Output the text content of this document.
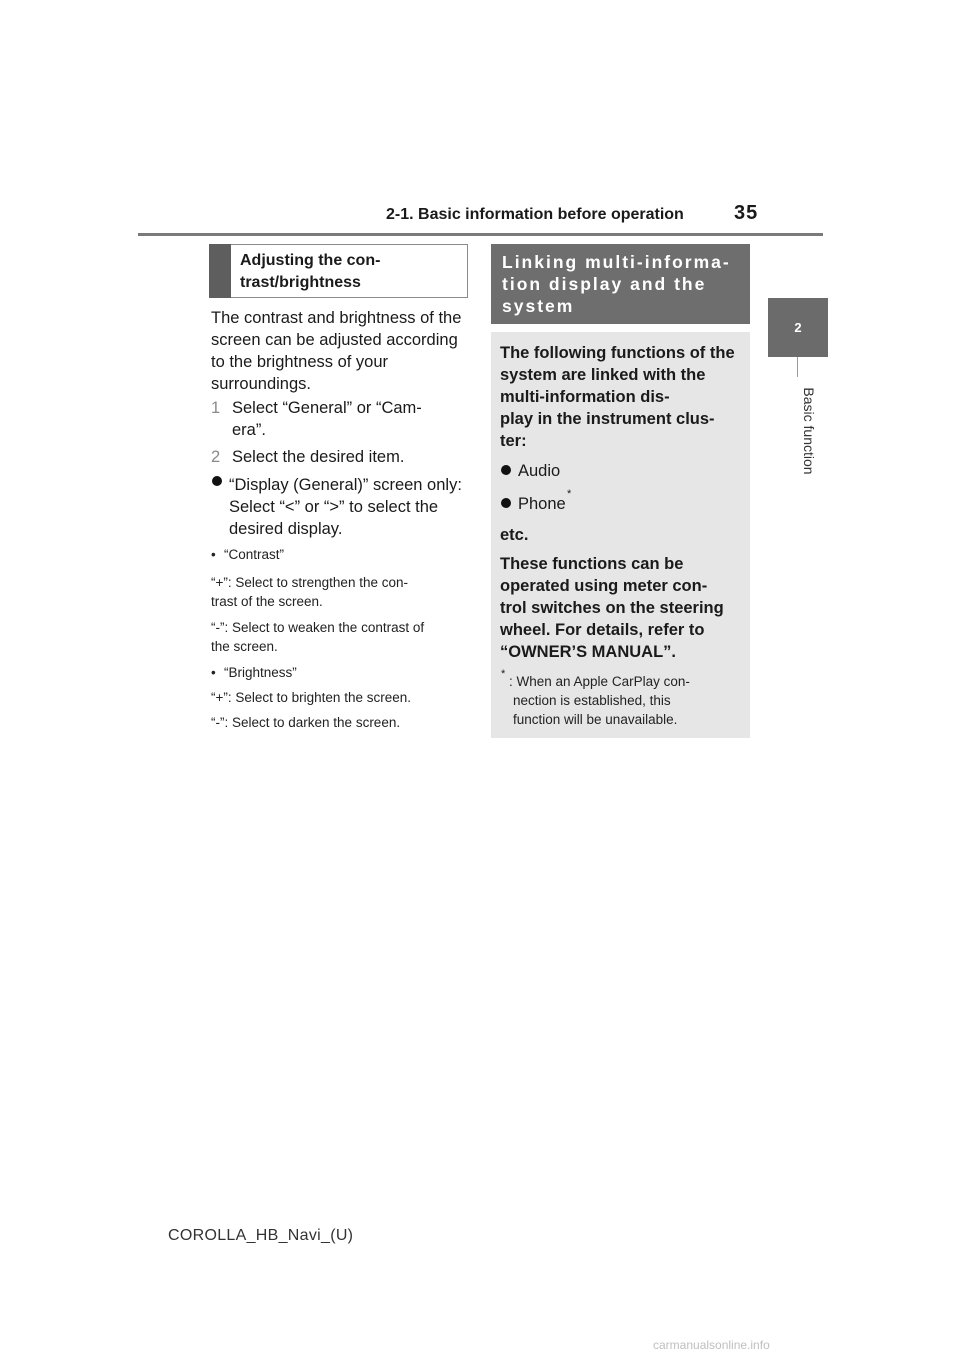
2-1. Basic information before operation	35
2
Basic function
Adjusting the con-
trast/brightness
The contrast and brightness of the screen can be adjusted according to the brightness of your surroundings.
1 Select “General” or “Cam-
era”.
2 Select the desired item.
“Display (General)” screen only: Select “<” or “>” to select the desired display.
• “Contrast”
“+”: Select to strengthen the con-
trast of the screen.
“-”: Select to weaken the contrast of
the screen.
• “Brightness”
“+”: Select to brighten the screen.
“-”: Select to darken the screen.
Linking multi-informa-
tion display and the
system
The following functions of the system are linked with the multi-information dis-
play in the instrument clus-
ter:
Audio
Phone
*
etc.
These functions can be operated using meter con-
trol switches on the steering wheel. For details, refer to “OWNER’S MANUAL”.
* : When an Apple CarPlay con-
nection is established, this
function will be unavailable.
COROLLA_HB_Navi_(U)
carmanualsonline.info
